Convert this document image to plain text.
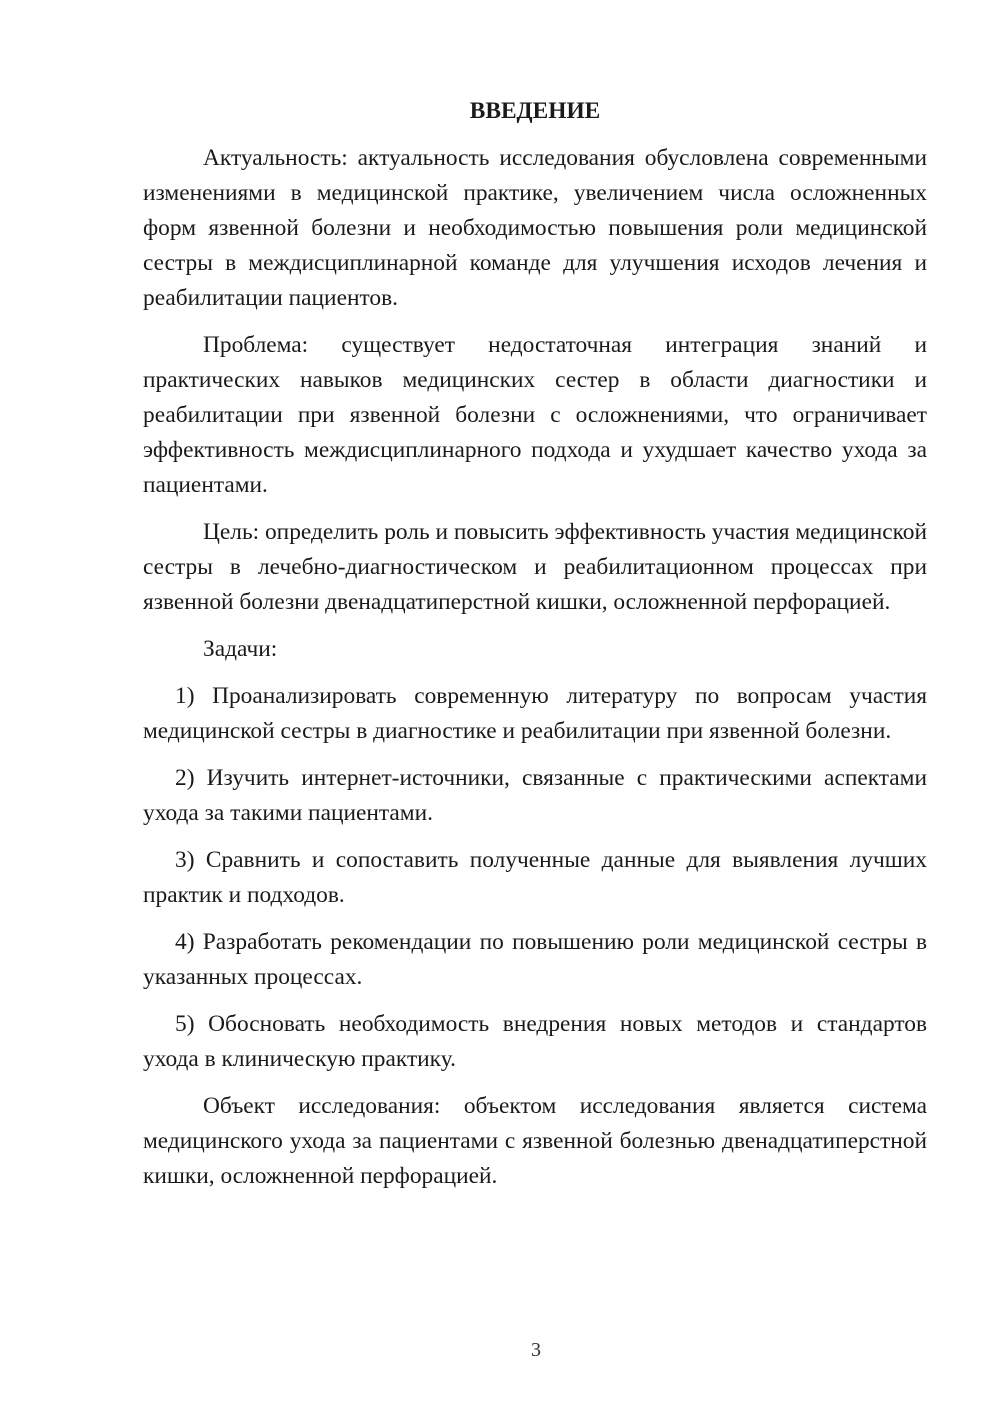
ВВЕДЕНИЕ

Актуальность: актуальность исследования обусловлена современными изменениями в медицинской практике, увеличением числа осложненных форм язвенной болезни и необходимостью повышения роли медицинской сестры в междисциплинарной команде для улучшения исходов лечения и реабилитации пациентов.

Проблема: существует недостаточная интеграция знаний и практических навыков медицинских сестер в области диагностики и реабилитации при язвенной болезни с осложнениями, что ограничивает эффективность междисциплинарного подхода и ухудшает качество ухода за пациентами.

Цель: определить роль и повысить эффективность участия медицинской сестры в лечебно-диагностическом и реабилитационном процессах при язвенной болезни двенадцатиперстной кишки, осложненной перфорацией.

Задачи:

1) Проанализировать современную литературу по вопросам участия медицинской сестры в диагностике и реабилитации при язвенной болезни.

2) Изучить интернет-источники, связанные с практическими аспектами ухода за такими пациентами.

3) Сравнить и сопоставить полученные данные для выявления лучших практик и подходов.

4) Разработать рекомендации по повышению роли медицинской сестры в указанных процессах.

5) Обосновать необходимость внедрения новых методов и стандартов ухода в клиническую практику.

Объект исследования: объектом исследования является система медицинского ухода за пациентами с язвенной болезнью двенадцатиперстной кишки, осложненной перфорацией.

3
